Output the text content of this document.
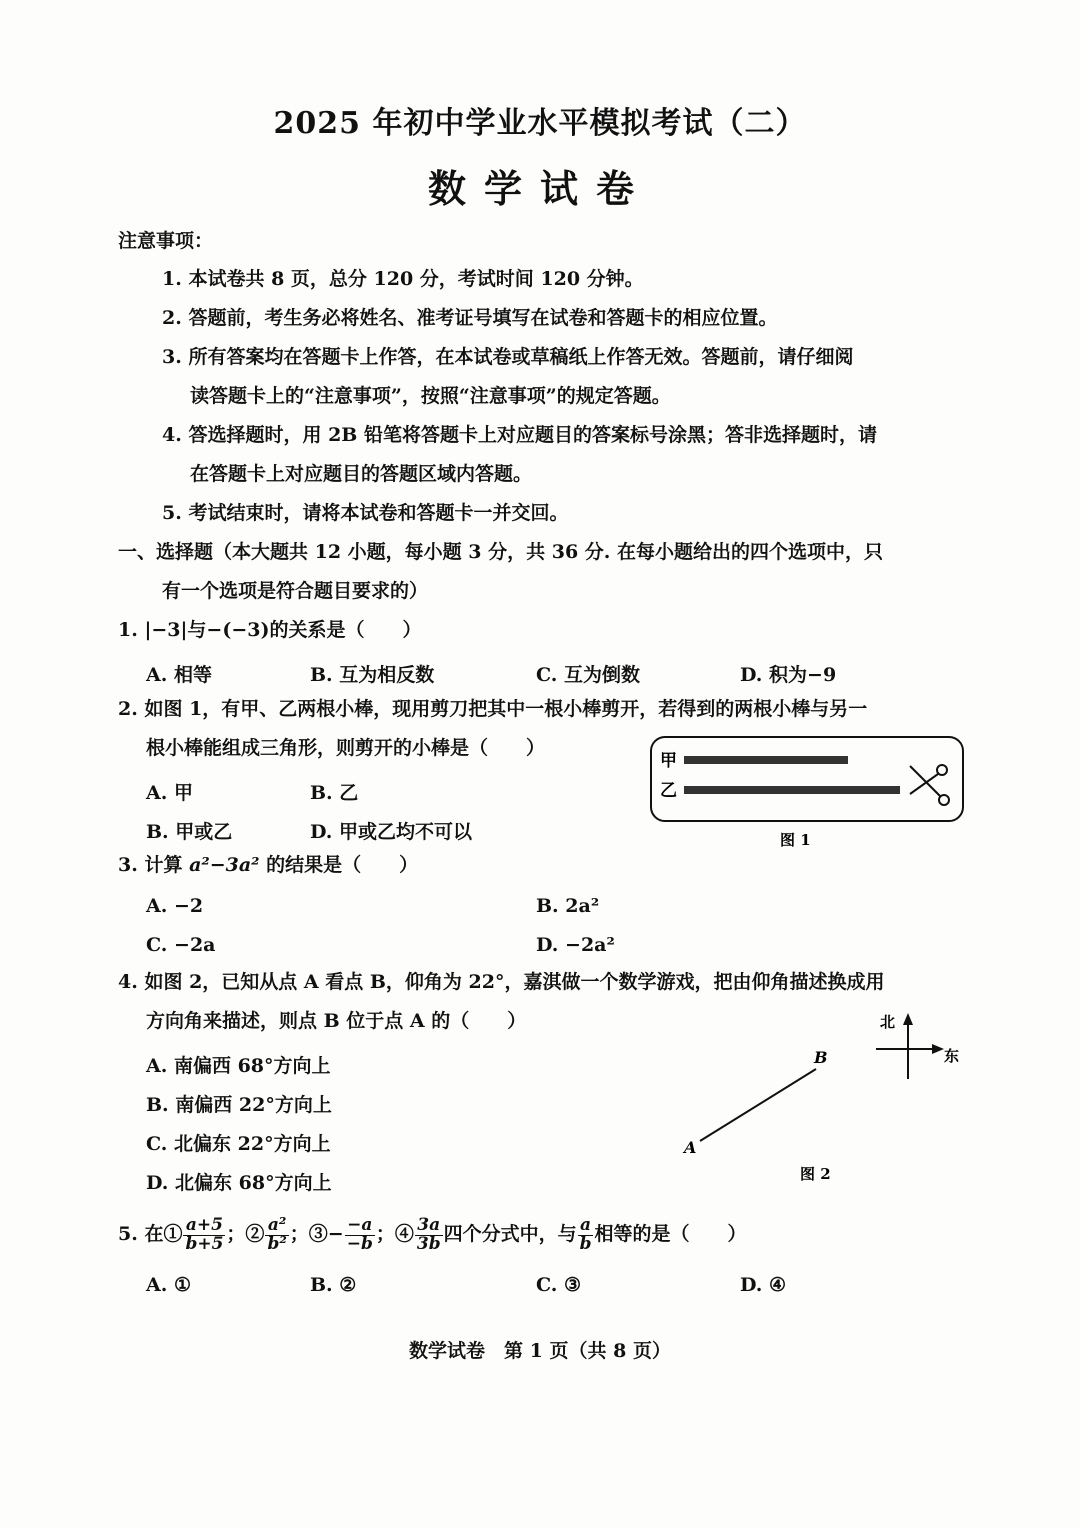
2025 年初中学业水平模拟考试（二）
数学试卷
注意事项：
1. 本试卷共 8 页，总分 120 分，考试时间 120 分钟。
2. 答题前，考生务必将姓名、准考证号填写在试卷和答题卡的相应位置。
3. 所有答案均在答题卡上作答，在本试卷或草稿纸上作答无效。答题前，请仔细阅
读答题卡上的“注意事项”，按照“注意事项”的规定答题。
4. 答选择题时，用 2B 铅笔将答题卡上对应题目的答案标号涂黑；答非选择题时，请
在答题卡上对应题目的答题区域内答题。
5. 考试结束时，请将本试卷和答题卡一并交回。
一、选择题（本大题共 12 小题，每小题 3 分，共 36 分. 在每小题给出的四个选项中，只
有一个选项是符合题目要求的）
1. |−3|与−(−3)的关系是（　　）
A. 相等	B. 互为相反数	C. 互为倒数	D. 积为−9
2. 如图 1，有甲、乙两根小棒，现用剪刀把其中一根小棒剪开，若得到的两根小棒与另一
根小棒能组成三角形，则剪开的小棒是（　　）
A. 甲	B. 乙
B. 甲或乙	D. 甲或乙均不可以
甲
乙
图 1
3. 计算 a²−3a² 的结果是（　　）
A. −2	B. 2a²
C. −2a	D. −2a²
4. 如图 2，已知从点 A 看点 B，仰角为 22°，嘉淇做一个数学游戏，把由仰角描述换成用
方向角来描述，则点 B 位于点 A 的（　　）
A. 南偏西 68°方向上
B. 南偏西 22°方向上
C. 北偏东 22°方向上
D. 北偏东 68°方向上
A
B
北
东
图 2
5. 在① $\frac{a+5}{b+5}$ ；② $\frac{\text{a²}}{\text{b²}}$ ；③− $\frac{-a}{-b}$ ；④ $\frac{3a}{3b}$ 四个分式中，与 $\frac{a}{b}$ 相等的是（　　）
A. ①	B. ②	C. ③	D. ④
数学试卷　第 1 页（共 8 页）
